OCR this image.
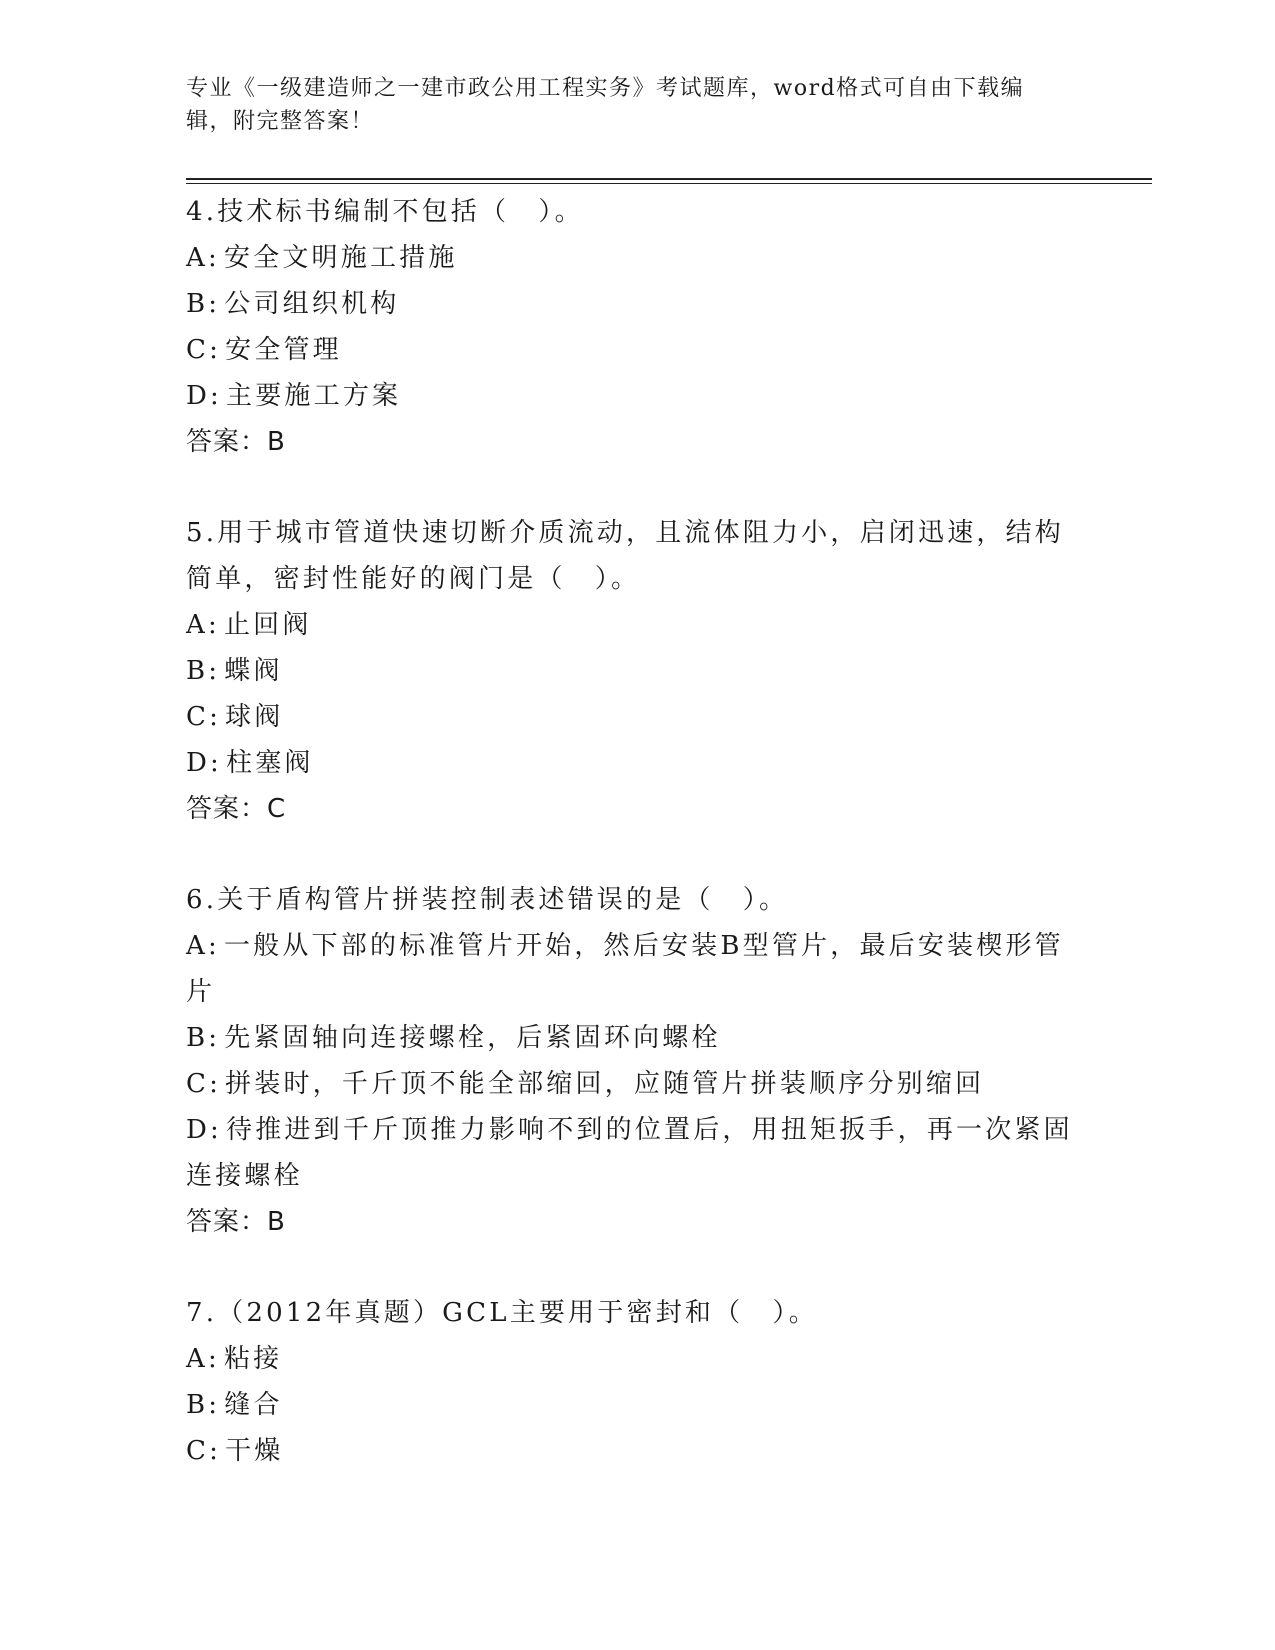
专业《一级建造师之一建市政公用工程实务》考试题库，word格式可自由下载编辑，附完整答案！
4.技术标书编制不包括（　）。
A: 安全文明施工措施
B: 公司组织机构
C: 安全管理
D: 主要施工方案
答案：B
5.用于城市管道快速切断介质流动，且流体阻力小，启闭迅速，结构简单，密封性能好的阀门是（　）。
A: 止回阀
B: 蝶阀
C: 球阀
D: 柱塞阀
答案：C
6.关于盾构管片拼装控制表述错误的是（　）。
A: 一般从下部的标准管片开始，然后安装B型管片，最后安装楔形管片
B: 先紧固轴向连接螺栓，后紧固环向螺栓
C: 拼装时，千斤顶不能全部缩回，应随管片拼装顺序分别缩回
D: 待推进到千斤顶推力影响不到的位置后，用扭矩扳手，再一次紧固连接螺栓
答案：B
7.（2012年真题）GCL主要用于密封和（　）。
A: 粘接
B: 缝合
C: 干燥
